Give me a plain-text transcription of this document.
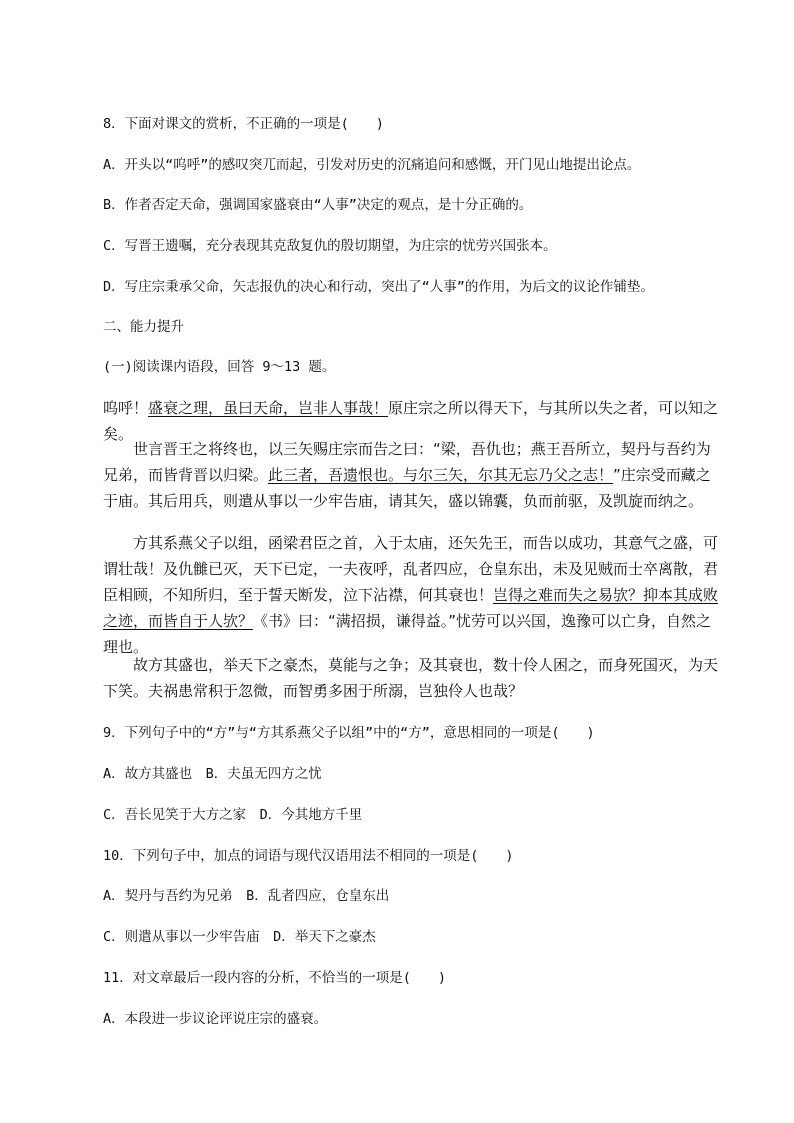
8．下面对课文的赏析，不正确的一项是(　　)
A．开头以“呜呼”的感叹突兀而起，引发对历史的沉痛追问和感慨，开门见山地提出论点。
B．作者否定天命，强调国家盛衰由“人事”决定的观点，是十分正确的。
C．写晋王遗嘱，充分表现其克敌复仇的殷切期望，为庄宗的忧劳兴国张本。
D．写庄宗秉承父命，矢志报仇的决心和行动，突出了“人事”的作用，为后文的议论作铺垫。
二、能力提升
(一)阅读课内语段，回答 9～13 题。
呜呼！盛衰之理，虽曰天命，岂非人事哉！原庄宗之所以得天下，与其所以失之者，可以知之矣。
世言晋王之将终也，以三矢赐庄宗而告之曰：“梁，吾仇也；燕王吾所立，契丹与吾约为兄弟，而皆背晋以归梁。此三者，吾遗恨也。与尔三矢，尔其无忘乃父之志！”庄宗受而藏之于庙。其后用兵，则遣从事以一少牢告庙，请其矢，盛以锦囊，负而前驱，及凯旋而纳之。
方其系燕父子以组，函梁君臣之首，入于太庙，还矢先王，而告以成功，其意气之盛，可谓壮哉！及仇雠已灭，天下已定，一夫夜呼，乱者四应，仓皇东出，未及见贼而士卒离散，君臣相顾，不知所归，至于誓天断发，泣下沾襟，何其衰也！岂得之难而失之易欤？抑本其成败之迹，而皆自于人欤？《书》曰：“满招损，谦得益。”忧劳可以兴国，逸豫可以亡身，自然之理也。
故方其盛也，举天下之豪杰，莫能与之争；及其衰也，数十伶人困之，而身死国灭，为天下笑。夫祸患常积于忽微，而智勇多困于所溺，岂独伶人也哉？
9．下列句子中的“方”与“方其系燕父子以组”中的“方”，意思相同的一项是(　　)
A．故方其盛也　B．夫虽无四方之忧
C．吾长见笑于大方之家　D．今其地方千里
10．下列句子中，加点的词语与现代汉语用法不相同的一项是(　　)
A．契丹与吾约为兄弟　B．乱者四应，仓皇东出
C．则遣从事以一少牢告庙　D．举天下之豪杰
11．对文章最后一段内容的分析，不恰当的一项是(　　)
A．本段进一步议论评说庄宗的盛衰。
